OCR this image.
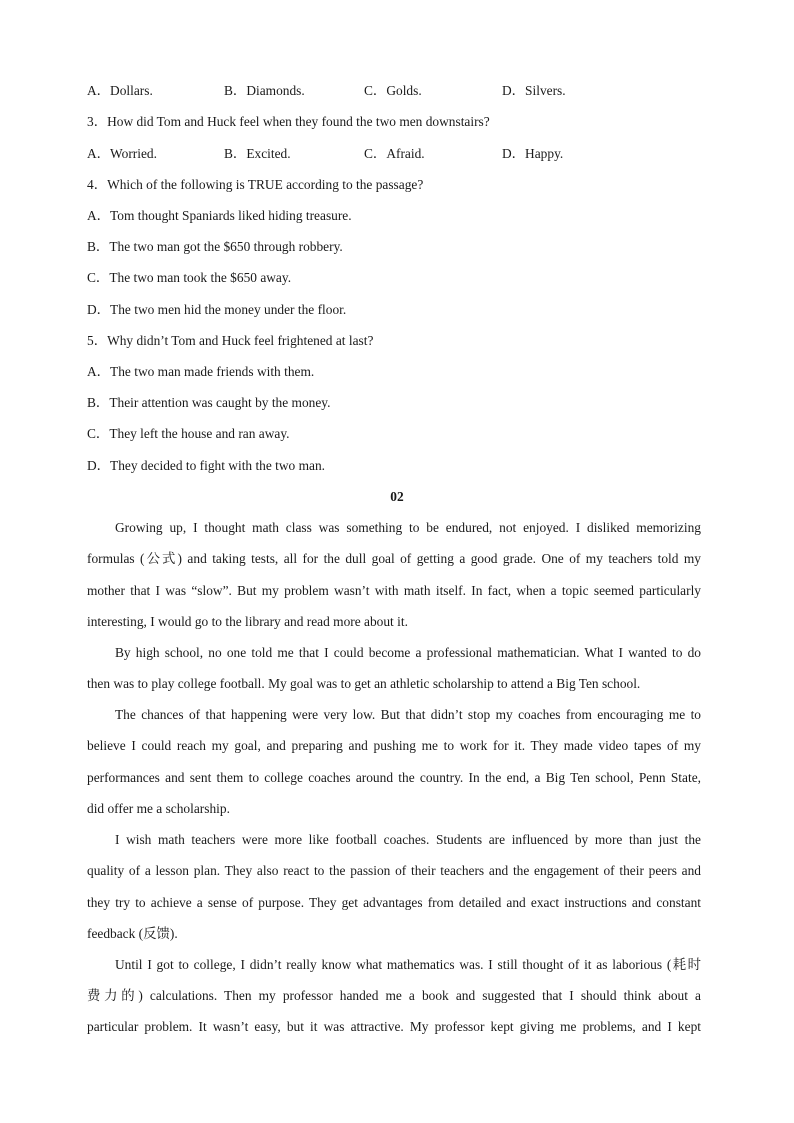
A．Dollars.	B．Diamonds.	C．Golds.	D．Silvers.
3．How did Tom and Huck feel when they found the two men downstairs?
A．Worried.	B．Excited.	C．Afraid.	D．Happy.
4．Which of the following is TRUE according to the passage?
A．Tom thought Spaniards liked hiding treasure.
B．The two man got the $650 through robbery.
C．The two man took the $650 away.
D．The two men hid the money under the floor.
5．Why didn’t Tom and Huck feel frightened at last?
A．The two man made friends with them.
B．Their attention was caught by the money.
C．They left the house and ran away.
D．They decided to fight with the two man.
02
Growing up, I thought math class was something to be endured, not enjoyed. I disliked memorizing
formulas (公式) and taking tests, all for the dull goal of getting a good grade. One of my teachers told my
mother that I was “slow”. But my problem wasn’t with math itself. In fact, when a topic seemed particularly
interesting, I would go to the library and read more about it.
By high school, no one told me that I could become a professional mathematician. What I wanted to do
then was to play college football. My goal was to get an athletic scholarship to attend a Big Ten school.
The chances of that happening were very low. But that didn’t stop my coaches from encouraging me to
believe I could reach my goal, and preparing and pushing me to work for it. They made video tapes of my
performances and sent them to college coaches around the country. In the end, a Big Ten school, Penn State,
did offer me a scholarship.
I wish math teachers were more like football coaches. Students are influenced by more than just the
quality of a lesson plan. They also react to the passion of their teachers and the engagement of their peers and
they try to achieve a sense of purpose. They get advantages from detailed and exact instructions and constant
feedback (反馈).
Until I got to college, I didn’t really know what mathematics was. I still thought of it as laborious (耗时
费力的) calculations. Then my professor handed me a book and suggested that I should think about a
particular problem. It wasn’t easy, but it was attractive. My professor kept giving me problems, and I kept
